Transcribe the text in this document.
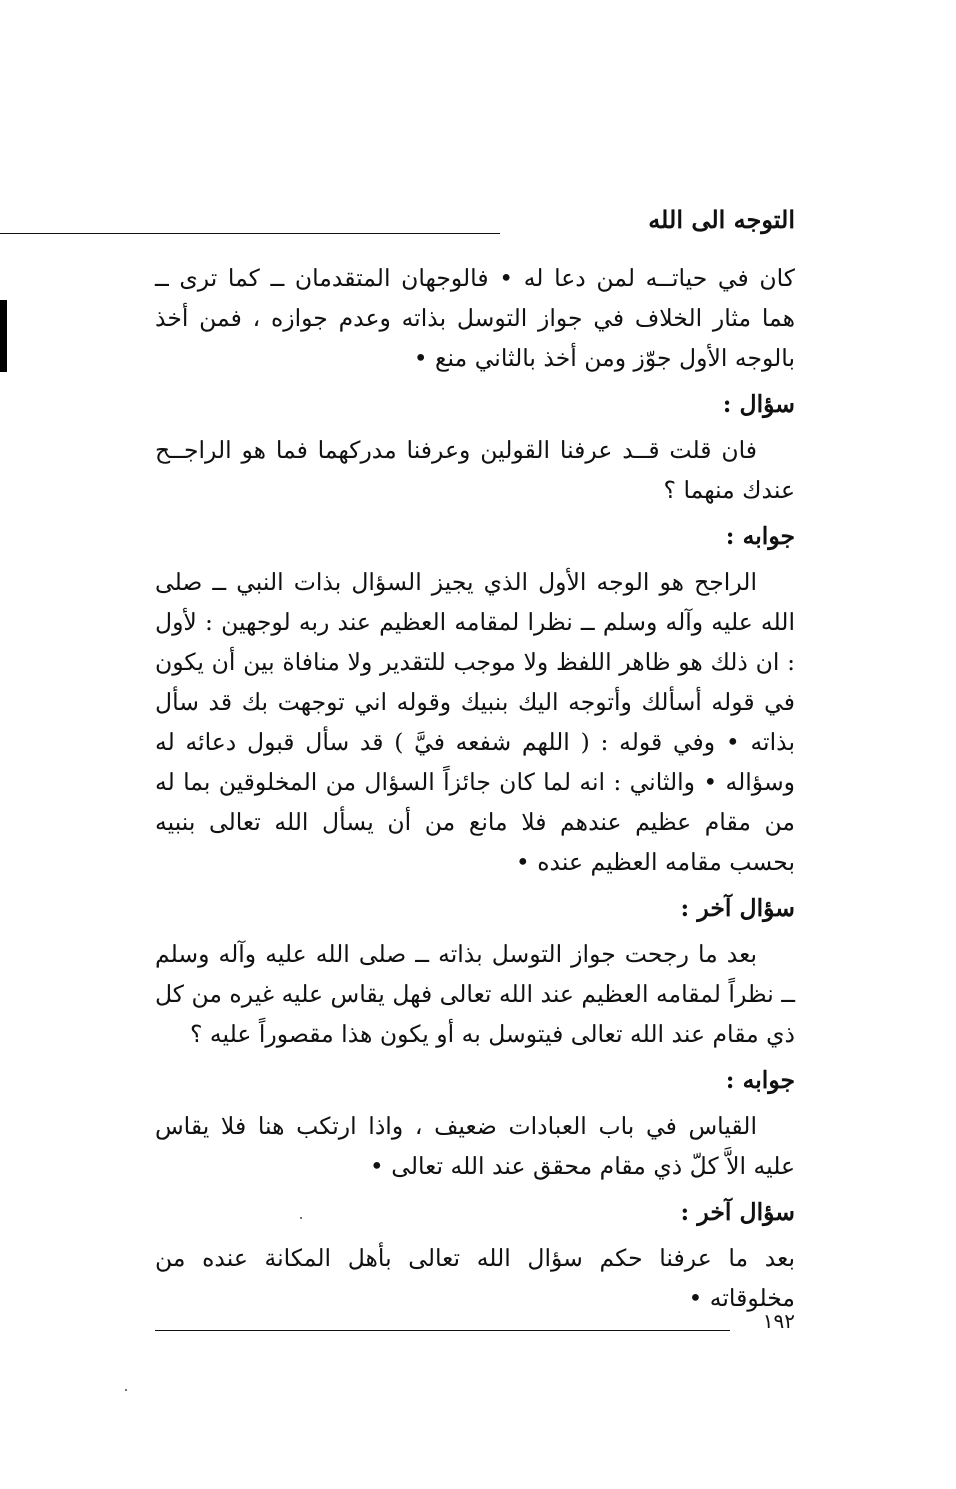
التوجه الى الله

كان في حياتــه لمن دعا له • فالوجهان المتقدمان ــ كما ترى ــ هما مثار الخلاف في جواز التوسل بذاته وعدم جوازه ، فمن أخذ بالوجه الأول جوّز ومن أخذ بالثاني منع •

سؤال :

فان قلت قــد عرفنا القولين وعرفنا مدركهما فما هو الراجــح عندك منهما ؟

جوابه :

الراجح هو الوجه الأول الذي يجيز السؤال بذات النبي ــ صلى الله عليه وآله وسلم ــ نظرا لمقامه العظيم عند ربه لوجهين : لأول : ان ذلك هو ظاهر اللفظ ولا موجب للتقدير ولا منافاة بين أن يكون في قوله أسألك وأتوجه اليك بنبيك وقوله اني توجهت بك قد سأل بذاته • وفي قوله : ( اللهم شفعه فيَّ ) قد سأل قبول دعائه له وسؤاله • والثاني : انه لما كان جائزاً السؤال من المخلوقين بما له من مقام عظيم عندهم فلا مانع من أن يسأل الله تعالى بنبيه بحسب مقامه العظيم عنده •

سؤال آخر :

بعد ما رجحت جواز التوسل بذاته ــ صلى الله عليه وآله وسلم ــ نظراً لمقامه العظيم عند الله تعالى فهل يقاس عليه غيره من كل ذي مقام عند الله تعالى فيتوسل به أو يكون هذا مقصوراً عليه ؟

جوابه :

القياس في باب العبادات ضعيف ، واذا ارتكب هنا فلا يقاس عليه الاَّ كلّ ذي مقام محقق عند الله تعالى •

سؤال آخر :

بعد ما عرفنا حكم سؤال الله تعالى بأهل المكانة عنده من مخلوقاته •

١٩٢
